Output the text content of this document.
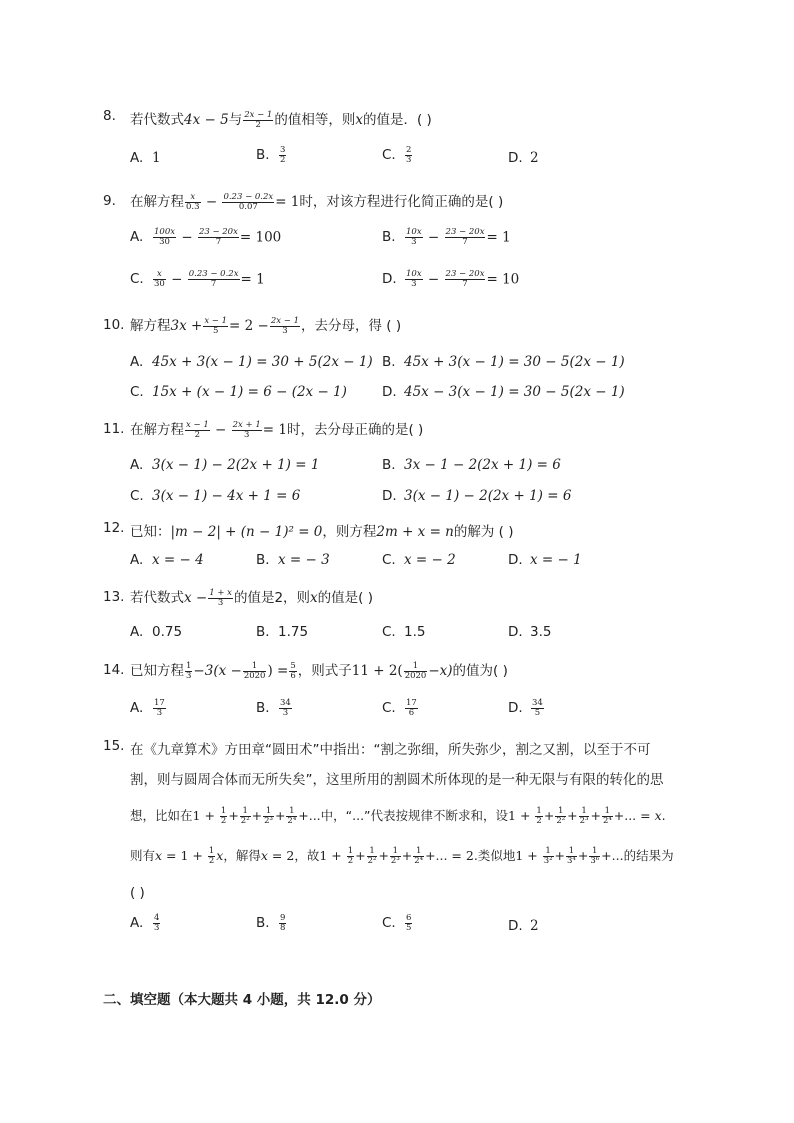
8.	若代数式4x − 5与 $\frac{2x - 1}{2}$ 的值相等，则x的值是．( )
A. 1	B. $\frac{3}{2}$	C. $\frac{2}{3}$	D. 2
9.	在解方程 $\frac{x}{0.3} - \frac{0.23 - 0.2x}{0.07} = 1$时，对该方程进行化简正确的是( )
A. $\frac{100x}{30} - \frac{23 - 20x}{7} = 100$	B. $\frac{10x}{3} - \frac{23 - 20x}{7} = 1$
C. $\frac{x}{30} - \frac{0.23 - 0.2x}{7} = 1$	D. $\frac{10x}{3} - \frac{23 - 20x}{7} = 10$
10. 解方程$3x + \frac{x - 1}{5} = 2 - \frac{2x - 1}{3}$ ，去分母，得 ( )
A. 45x + 3(x − 1) = 30 + 5(2x − 1) B. 45x + 3(x − 1) = 30 − 5(2x − 1)
C. 15x + (x − 1) = 6 − (2x − 1)	D. 45x − 3(x − 1) = 30 − 5(2x − 1)
11. 在解方程 $\frac{x - 1}{2} - \frac{2x + 1}{3} = 1$时，去分母正确的是( )
A. 3(x − 1) − 2(2x + 1) = 1	B. 3x − 1 − 2(2x + 1) = 6
C. 3(x − 1) − 4x + 1 = 6	D. 3(x − 1) − 2(2x + 1) = 6
12. 已知：|m − 2| + (n − 1)² = 0，则方程2m + x = n的解为 ( )
A. x = − 4	B. x = − 3	C. x = − 2	D. x = − 1
13. 若代数式$x - \frac{1 + x}{3}$ 的值是2，则x的值是( )
A. 0.75	B. 1.75	C. 1.5	D. 3.5
14. 已知方程 $\frac{1}{3} -3(x - \frac{1}{2020}$ ) = $\frac{5}{6}$ ，则式子$11 + 2( \frac{1}{2020} -x)$的值为( )
A. $\frac{17}{3}$	B. $\frac{34}{3}$	C. $\frac{17}{6}$	D. $\frac{34}{5}$
15. 在《九章算术》方田章“圆田术”中指出：“割之弥细，所失弥少，割之又割，以至于不可
割，则与圆周合体而无所失矣”，这里所用的割圆术所体现的是一种无限与有限的转化的思
想，比如在$1 + \frac{1}{2} + \frac{1}{\text{2²}} + \frac{1}{\text{2³}} + \frac{1}{\text{2⁴}}$ +...中，“...”代表按规律不断求和，设$1 + \frac{1}{2} + \frac{1}{\text{2²}} + \frac{1}{\text{2³}} + \frac{1}{\text{2⁴}}$ +... = x.
则有$x = 1 + \frac{1}{2}$ x，解得x = 2，故$1 + \frac{1}{2} + \frac{1}{\text{2²}} + \frac{1}{\text{2³}} + \frac{1}{\text{2⁴}}$ +... = 2.类似地$1 + \frac{1}{\text{3²}} + \frac{1}{\text{3⁴}} + \frac{1}{\text{3⁶}}$ +...的结果为
( )
A. $\frac{4}{3}$	B. $\frac{9}{8}$	C. $\frac{6}{5}$	D. 2
二、填空题（本大题共 4 小题，共 12.0 分）
